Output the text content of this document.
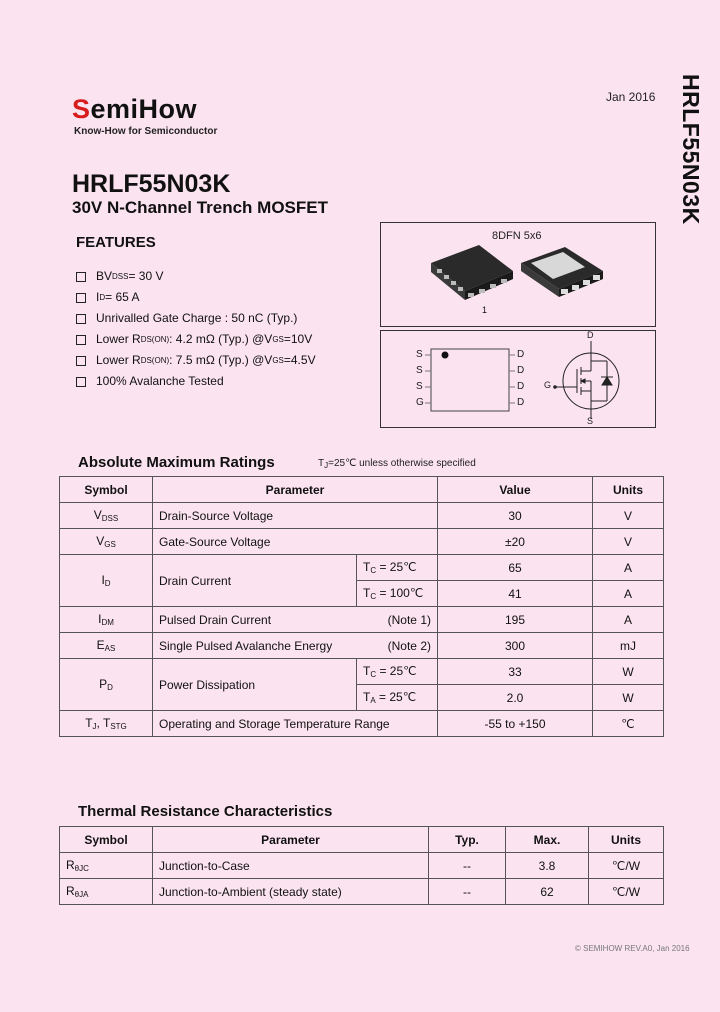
SemiHow
Know-How for Semiconductor
Jan 2016 HRLF55N03K
HRLF55N03K
30V N-Channel Trench MOSFET
FEATURES
BV DSS = 30 V
I D = 65 A
Unrivalled Gate Charge : 50 nC (Typ.)
Lower R DS(ON) : 4.2 mΩ (Typ.) @V GS =10V
Lower R DS(ON) : 7.5 mΩ (Typ.) @V GS =4.5V
100% Avalanche Tested
8DFN 5x6
1
S
S
S
G
D
D
D
D
D
G
S
Absolute Maximum Ratings	$T_J=25℃$ unless otherwise specified
Symbol	Parameter		Value	Units
$V_{DSS}$	Drain-Source Voltage		30	V
$V_{GS}$	Gate-Source Voltage		±20	V
$I_D$	Drain Current	$T_C$ = 25℃	65	A
		$T_C$ = 100℃	41	A
$I_{DM}$	Pulsed Drain Current (Note 1)		195	A
$E_{AS}$	Single Pulsed Avalanche Energy (Note 2)		300	mJ
$P_D$	Power Dissipation	$T_C$ = 25℃	33	W
		$T_A$ = 25℃	2.0	W
$T_J$, $T_{STG}$	Operating and Storage Temperature Range		-55 to +150	℃
Thermal Resistance Characteristics
Symbol	Parameter	Typ.	Max.	Units
$R_{\theta JC}$	Junction-to-Case	--	3.8	℃/W
$R_{\theta JA}$	Junction-to-Ambient (steady state)	--	62	℃/W
© SEMIHOW REV.A0, Jan 2016
